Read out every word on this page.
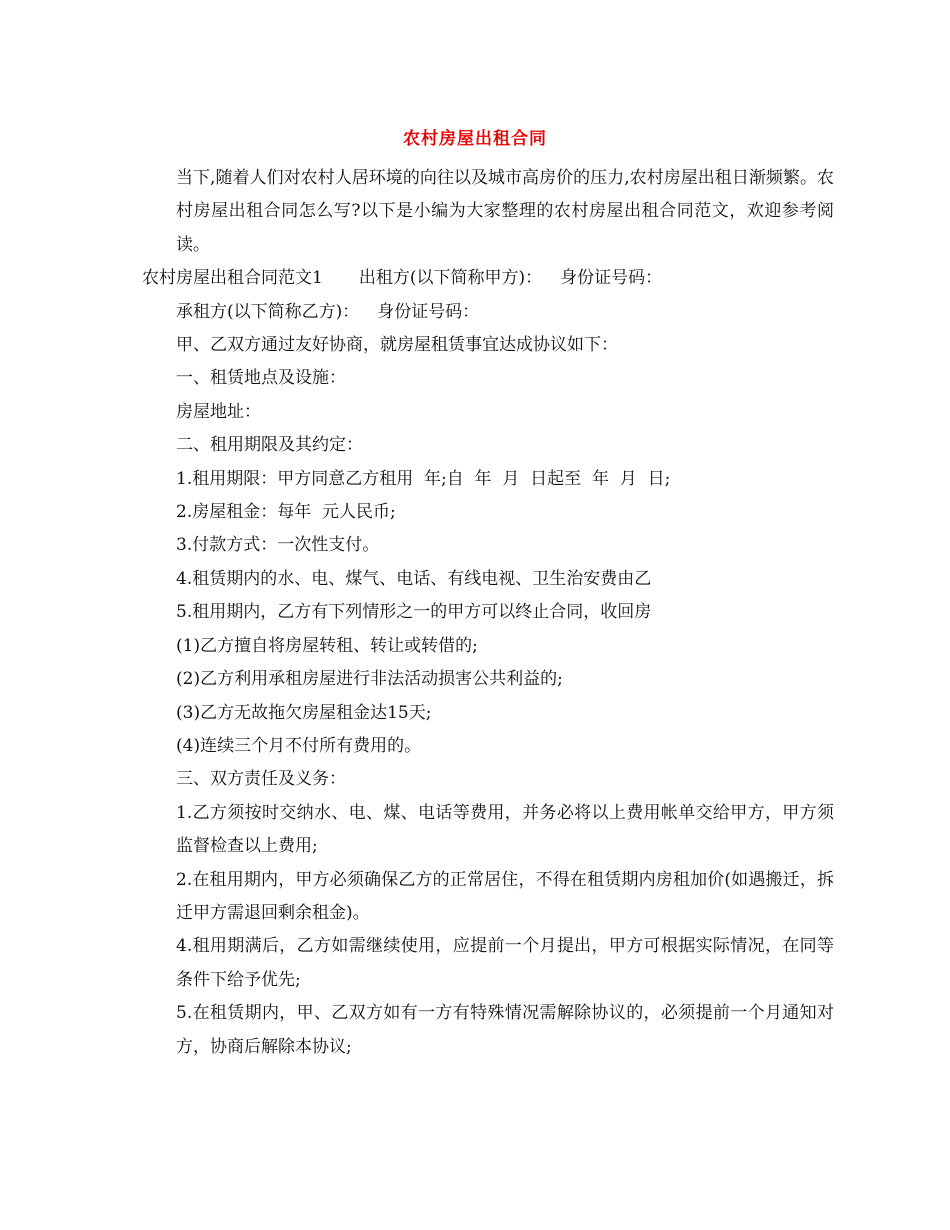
农村房屋出租合同

当下,随着人们对农村人居环境的向往以及城市高房价的压力,农村房屋出租日渐频繁。农村房屋出租合同怎么写?以下是小编为大家整理的农村房屋出租合同范文，欢迎参考阅读。

农村房屋出租合同范文1 出租方(以下简称甲方)： 身份证号码：

承租方(以下简称乙方)： 身份证号码：

甲、乙双方通过友好协商，就房屋租赁事宜达成协议如下：

一、租赁地点及设施：

房屋地址：

二、租用期限及其约定：

1.租用期限：甲方同意乙方租用  年;自  年  月  日起至  年  月  日;

2.房屋租金：每年  元人民币;

3.付款方式：一次性支付。

4.租赁期内的水、电、煤气、电话、有线电视、卫生治安费由乙

5.租用期内，乙方有下列情形之一的甲方可以终止合同，收回房

(1)乙方擅自将房屋转租、转让或转借的;

(2)乙方利用承租房屋进行非法活动损害公共利益的;

(3)乙方无故拖欠房屋租金达15天;

(4)连续三个月不付所有费用的。

三、双方责任及义务：

1.乙方须按时交纳水、电、煤、电话等费用，并务必将以上费用帐单交给甲方，甲方须监督检查以上费用;

2.在租用期内，甲方必须确保乙方的正常居住，不得在租赁期内房租加价(如遇搬迁，拆迁甲方需退回剩余租金)。

4.租用期满后，乙方如需继续使用，应提前一个月提出，甲方可根据实际情况，在同等条件下给予优先;

5.在租赁期内，甲、乙双方如有一方有特殊情况需解除协议的，必须提前一个月通知对方，协商后解除本协议;
